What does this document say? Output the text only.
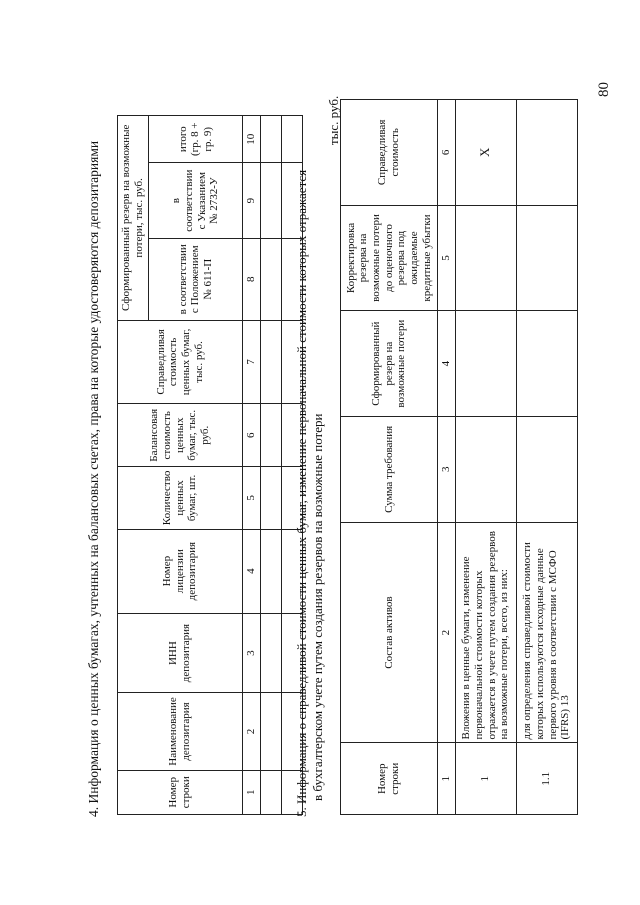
4. Информация о ценных бумагах, учтенных на балансовых счетах, права на которые удостоверяются депозитариями	Номер строки	Наименование депозитария	ИНН депозитария	Номер лицензии депозитария	Количество ценных бумаг, шт.	Балансовая стоимость ценных бумаг, тыс. руб.	Справедливая стоимость ценных бумаг, тыс. руб.	Сформированный резерв на возможные потери, тыс. руб.		
							в соответствии с Положением № 611-П	в соответствии с Указанием № 2732-У	итого (гр. 8 + гр. 9)
1	2	3	4	5	6	7	8	9	10

5. Информация о справедливой стоимости ценных бумаг, изменение первоначальной стоимости которых отражается в бухгалтерском учете путем создания резервов на возможные потери
тыс. руб.
Номер строки	Состав активов	Сумма требования	Сформированный резерв на возможные потери	Корректировка резерва на возможные потери до оценочного резерва под ожидаемые кредитные убытки	Справедливая стоимость
1	2	3	4	5	6
1	Вложения в ценные бумаги, изменение первоначальной стоимости которых отражается в учете путем создания резервов на возможные потери, всего, из них:				X
1.1	для определения справедливой стоимости которых используются исходные данные первого уровня в соответствии с МСФО (IFRS) 13				
80
